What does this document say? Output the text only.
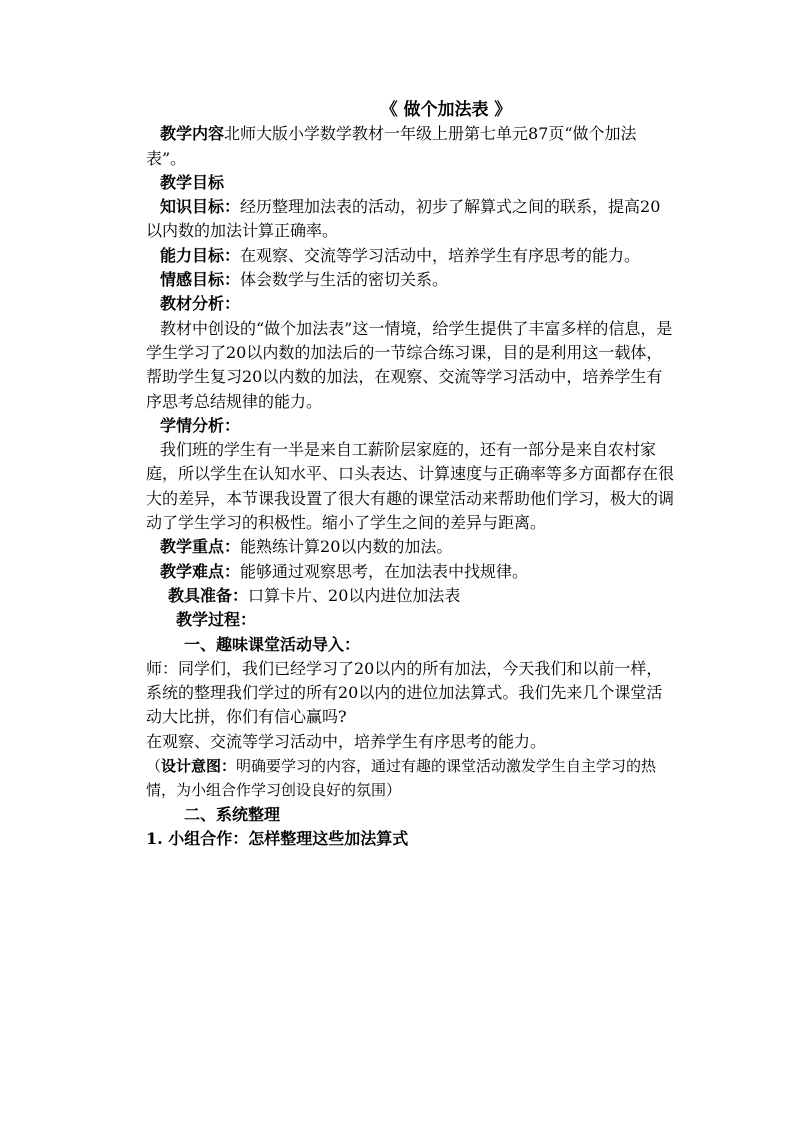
《 做个加法表 》

教学内容北师大版小学数学教材一年级上册第七单元87页“做个加法表”。

教学目标

知识目标：经历整理加法表的活动，初步了解算式之间的联系，提高20以内数的加法计算正确率。

能力目标：在观察、交流等学习活动中，培养学生有序思考的能力。

情感目标：体会数学与生活的密切关系。

教材分析：

教材中创设的“做个加法表”这一情境，给学生提供了丰富多样的信息，是学生学习了20以内数的加法后的一节综合练习课，目的是利用这一载体，帮助学生复习20以内数的加法，在观察、交流等学习活动中，培养学生有序思考总结规律的能力。

学情分析：

我们班的学生有一半是来自工薪阶层家庭的，还有一部分是来自农村家庭，所以学生在认知水平、口头表达、计算速度与正确率等多方面都存在很大的差异，本节课我设置了很大有趣的课堂活动来帮助他们学习，极大的调动了学生学习的积极性。缩小了学生之间的差异与距离。

教学重点：能熟练计算20以内数的加法。

教学难点：能够通过观察思考，在加法表中找规律。

教具准备：口算卡片、20以内进位加法表

教学过程：

一、趣味课堂活动导入：

师：同学们，我们已经学习了20以内的所有加法，今天我们和以前一样，系统的整理我们学过的所有20以内的进位加法算式。我们先来几个课堂活动大比拼，你们有信心赢吗?

在观察、交流等学习活动中，培养学生有序思考的能力。

（设计意图：明确要学习的内容，通过有趣的课堂活动激发学生自主学习的热情，为小组合作学习创设良好的氛围）

二、系统整理

1. 小组合作：怎样整理这些加法算式
